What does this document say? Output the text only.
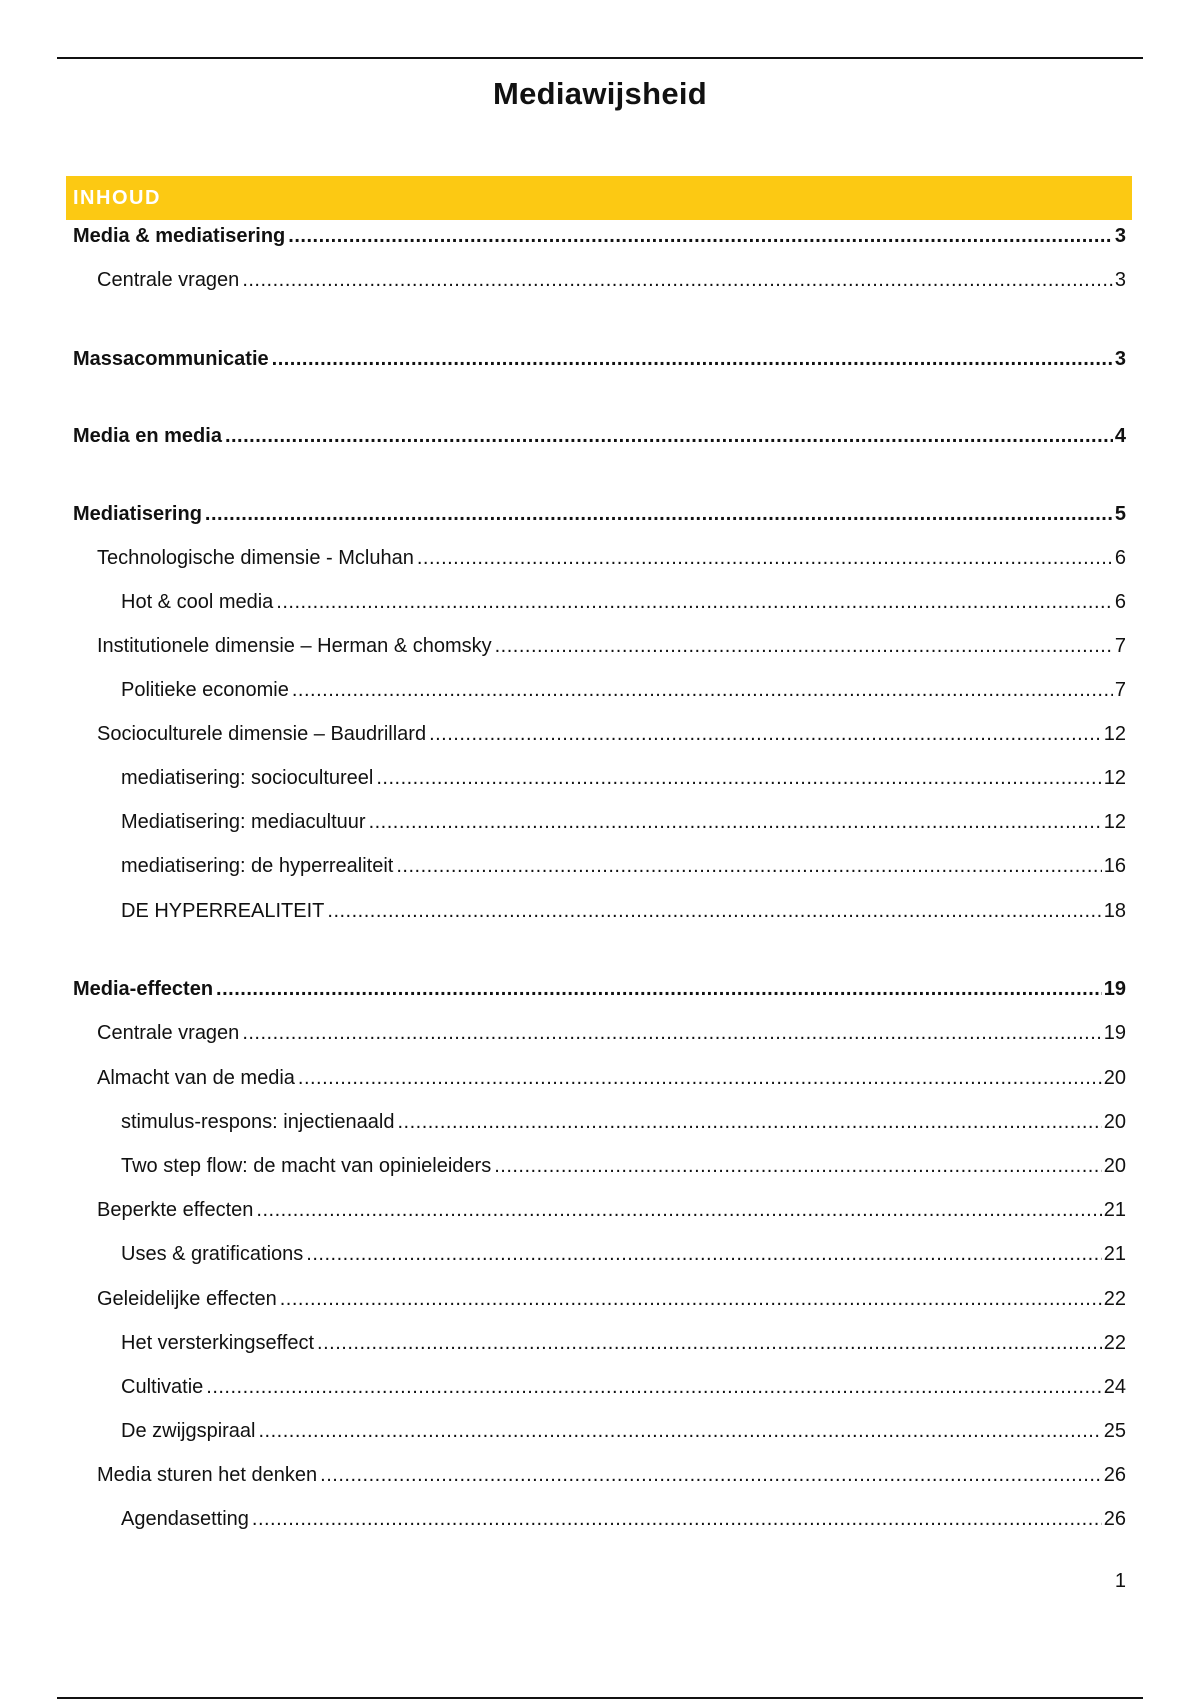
Mediawijsheid
INHOUD
Media & mediatisering .....	3
Centrale vragen .....	3
Massacommunicatie .....	3
Media en media .....	4
Mediatisering .....	5
Technologische dimensie - Mcluhan .....	6
Hot & cool media .....	6
Institutionele dimensie – Herman & chomsky .....	7
Politieke economie .....	7
Socioculturele dimensie – Baudrillard .....	12
mediatisering: socioculturееl .....	12
Mediatisering: mediacultuur .....	12
mediatisering: de hyperrealiteit .....	16
DE HYPERREALITEIT .....	18
Media-effecten .....	19
Centrale vragen .....	19
Almacht van de media .....	20
stimulus-respons: injectienaald .....	20
Two step flow: de macht van opinieleiders .....	20
Beperkte effecten .....	21
Uses & gratifications .....	21
Geleidelijke effecten .....	22
Het versterkingseffect .....	22
Cultivatie .....	24
De zwijgspiraal .....	25
Media sturen het denken .....	26
Agendasetting .....	26
1
